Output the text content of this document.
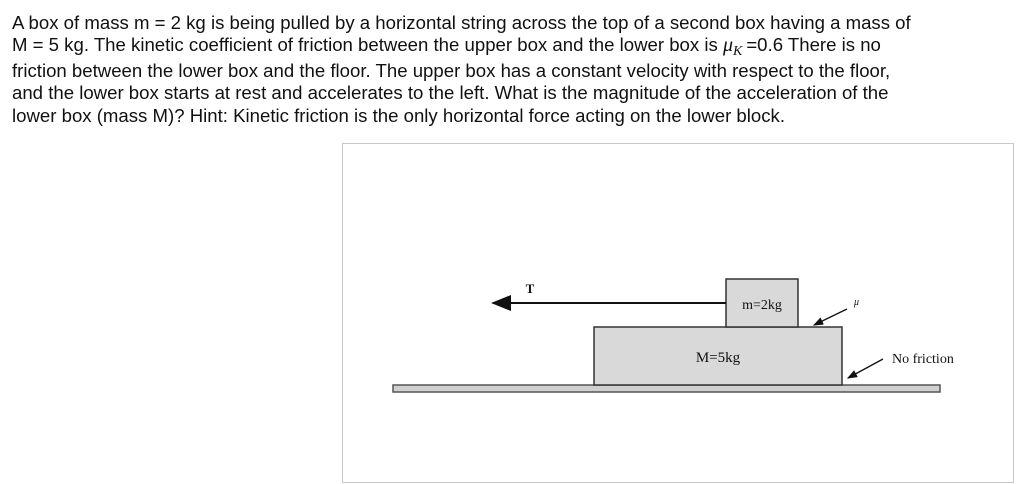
A box of mass m = 2 kg is being pulled by a horizontal string across the top of a second box having a mass of
M = 5 kg. The kinetic coefficient of friction between the upper box and the lower box is $\mu_K =0.6$ There is no
friction between the lower box and the floor. The upper box has a constant velocity with respect to the floor,
and the lower box starts at rest and accelerates to the left. What is the magnitude of the acceleration of the
lower box (mass M)? Hint: Kinetic friction is the only horizontal force acting on the lower block.
M=5kg
m=2kg
T
μ
No friction
